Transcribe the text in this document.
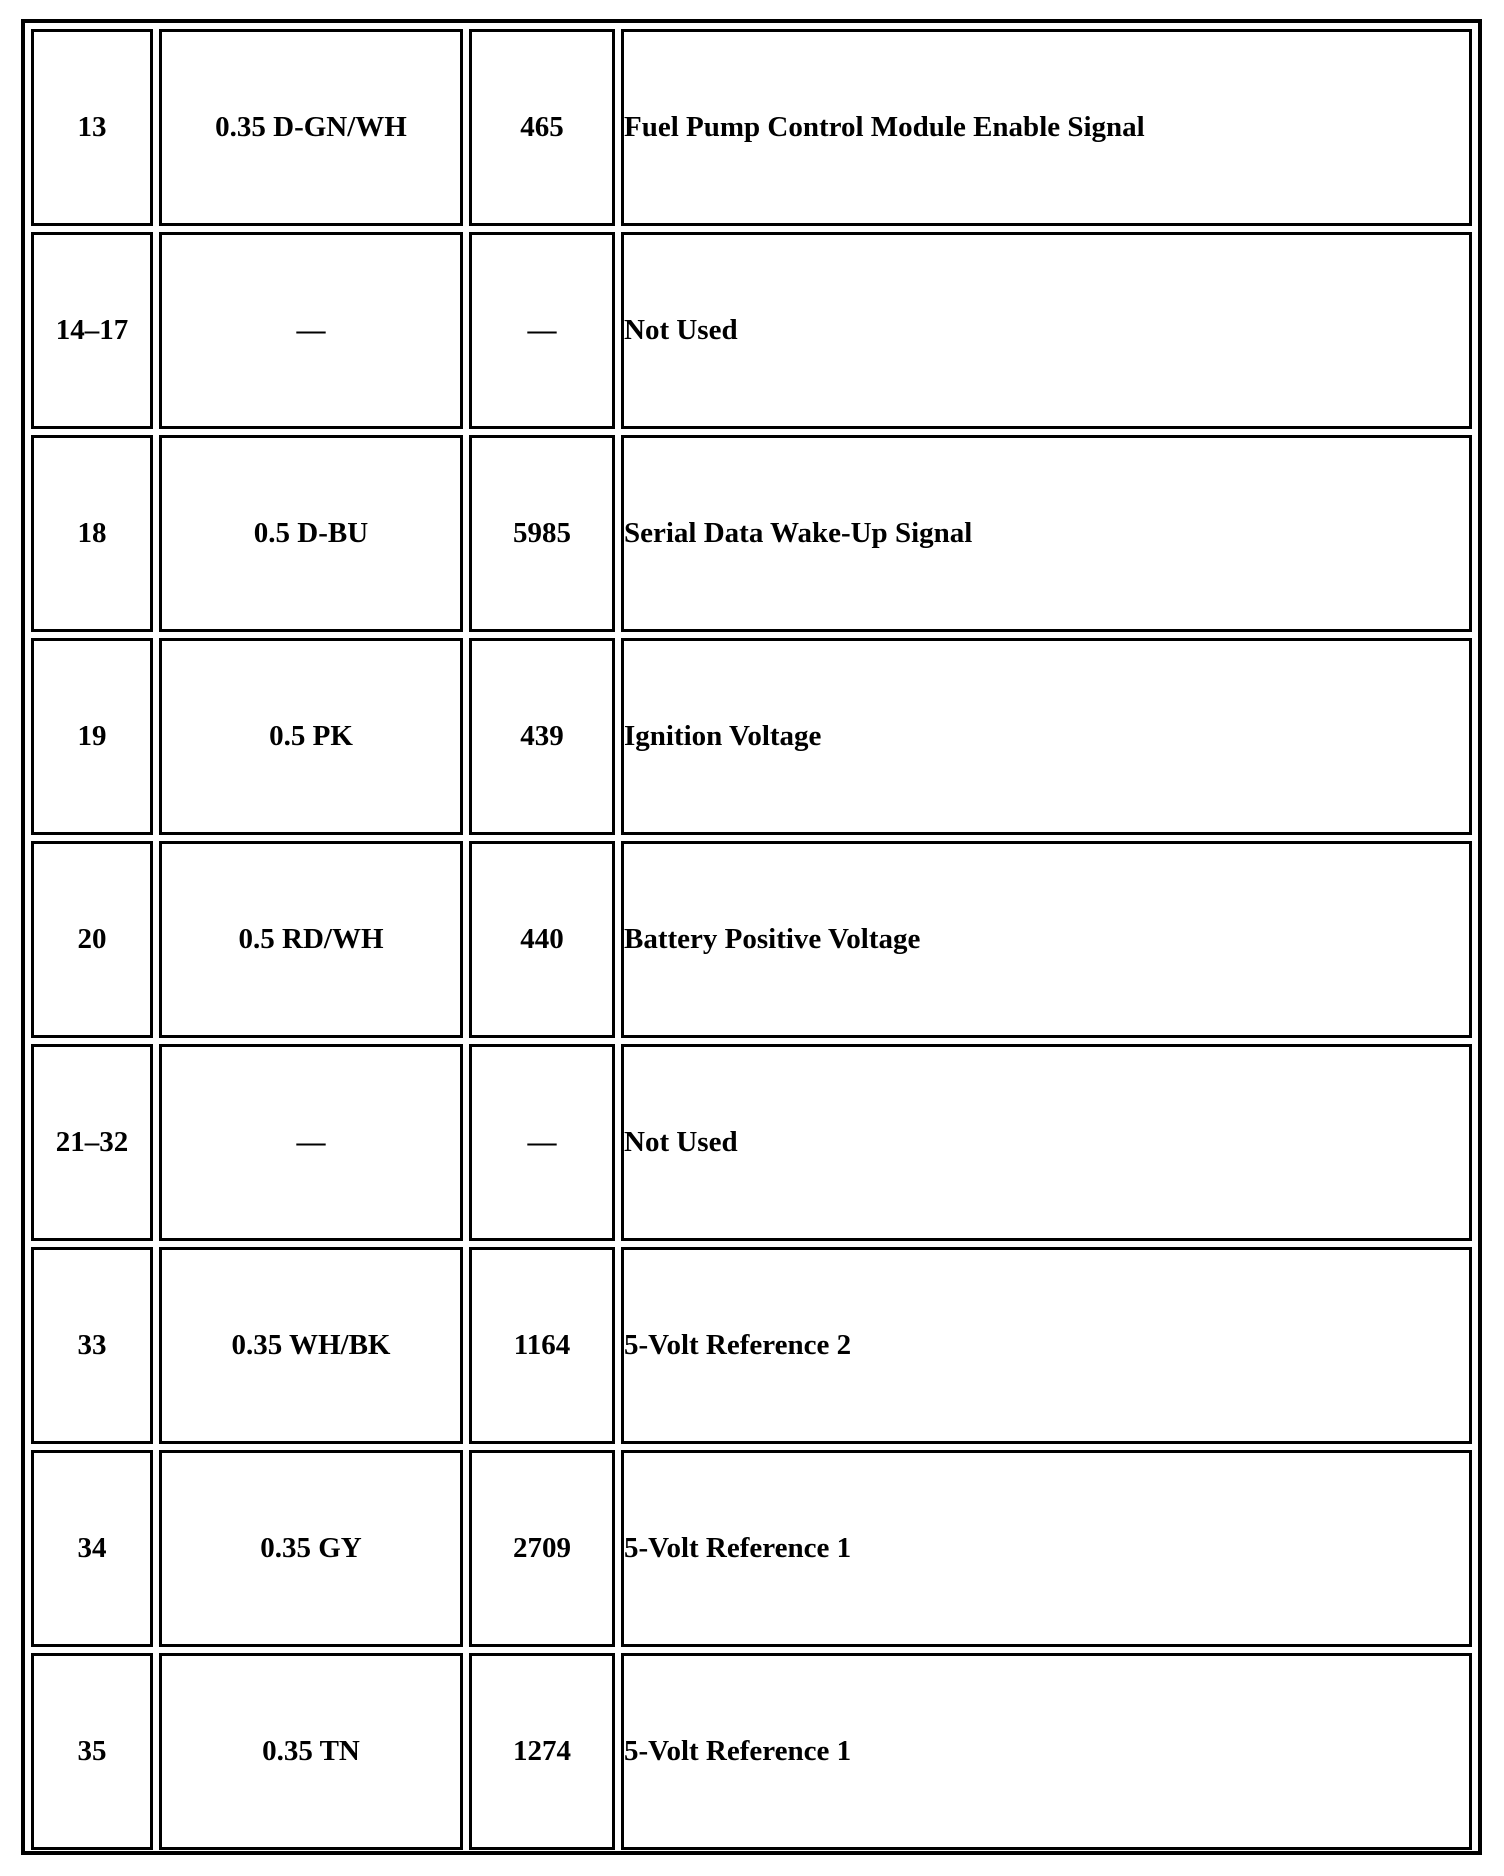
13	0.35 D-GN/WH	465	Fuel Pump Control Module Enable Signal
14–17	—	—	Not Used
18	0.5 D-BU	5985	Serial Data Wake-Up Signal
19	0.5 PK	439	Ignition Voltage
20	0.5 RD/WH	440	Battery Positive Voltage
21–32	—	—	Not Used
33	0.35 WH/BK	1164	5-Volt Reference 2
34	0.35 GY	2709	5-Volt Reference 1
35	0.35 TN	1274	5-Volt Reference 1
